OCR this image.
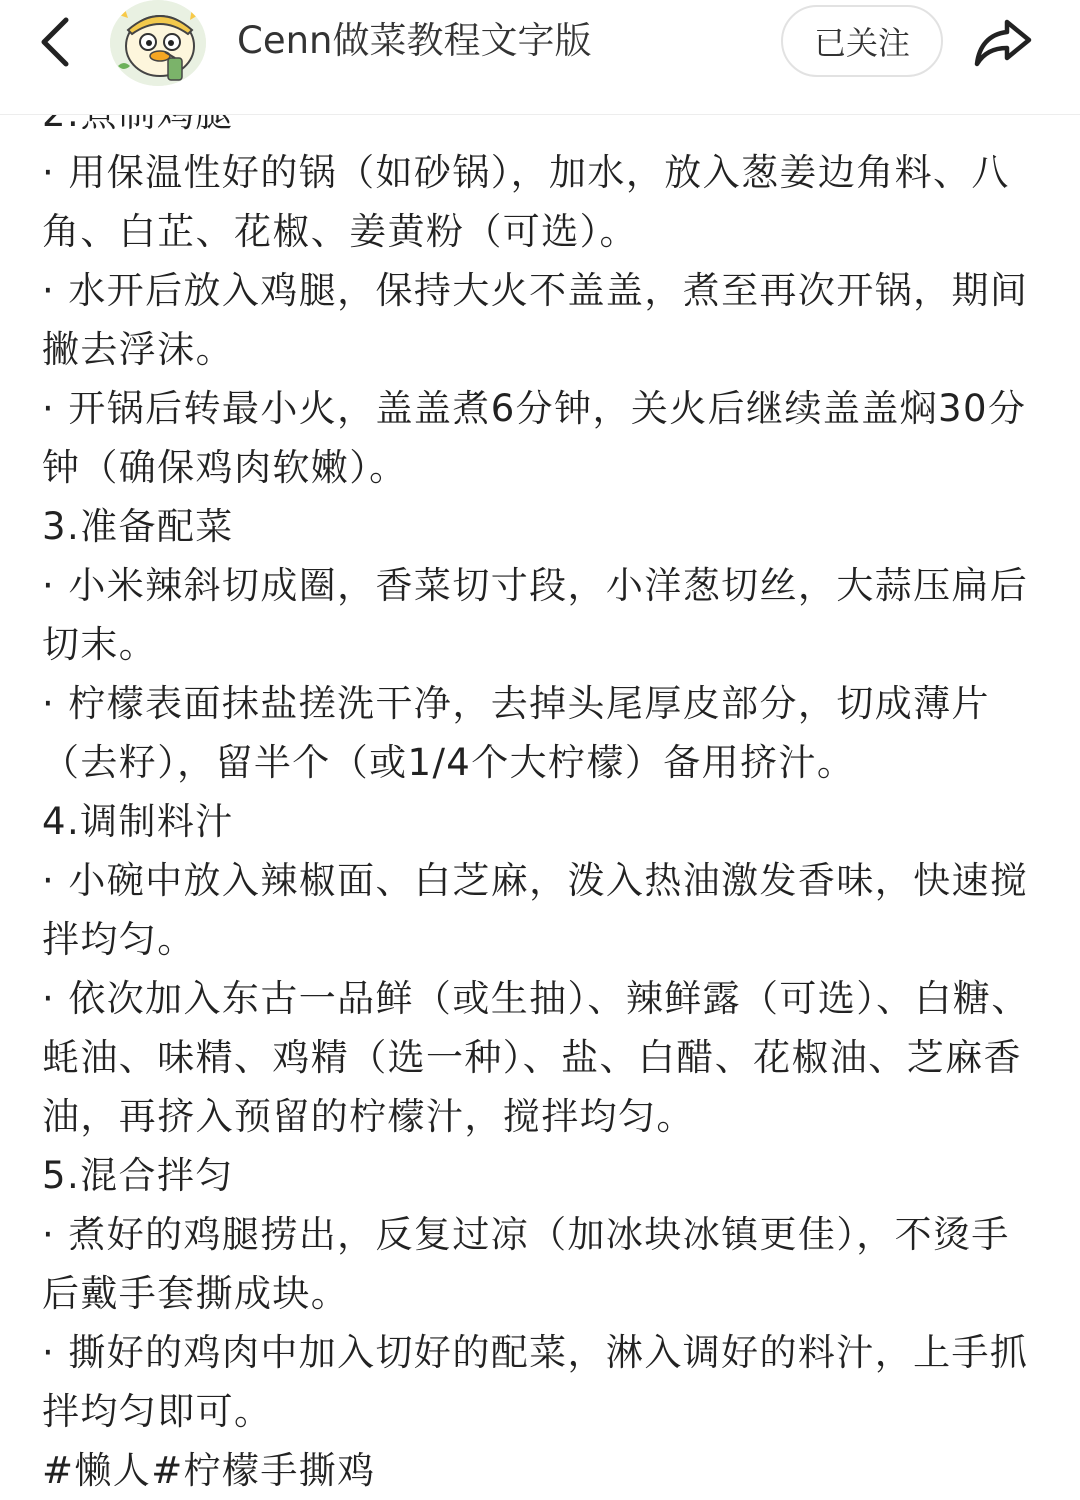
Cenn做菜教程文字版	已关注

· 用保温性好的锅（如砂锅），加水，放入葱姜边角料、八角、白芷、花椒、姜黄粉（可选）。

· 水开后放入鸡腿，保持大火不盖盖，煮至再次开锅，期间撇去浮沫。

· 开锅后转最小火，盖盖煮6分钟，关火后继续盖盖焖30分钟（确保鸡肉软嫩）。

3.准备配菜

· 小米辣斜切成圈，香菜切寸段，小洋葱切丝，大蒜压扁后切末。

· 柠檬表面抹盐搓洗干净，去掉头尾厚皮部分，切成薄片（去籽），留半个（或1/4个大柠檬）备用挤汁。

4.调制料汁

· 小碗中放入辣椒面、白芝麻，泼入热油激发香味，快速搅拌均匀。

· 依次加入东古一品鲜（或生抽）、辣鲜露（可选）、白糖、蚝油、味精、鸡精（选一种）、盐、白醋、花椒油、芝麻香油，再挤入预留的柠檬汁，搅拌均匀。

5.混合拌匀

· 煮好的鸡腿捞出，反复过凉（加冰块冰镇更佳），不烫手后戴手套撕成块。

· 撕好的鸡肉中加入切好的配菜，淋入调好的料汁，上手抓拌均匀即可。

#懒人#柠檬手撕鸡
